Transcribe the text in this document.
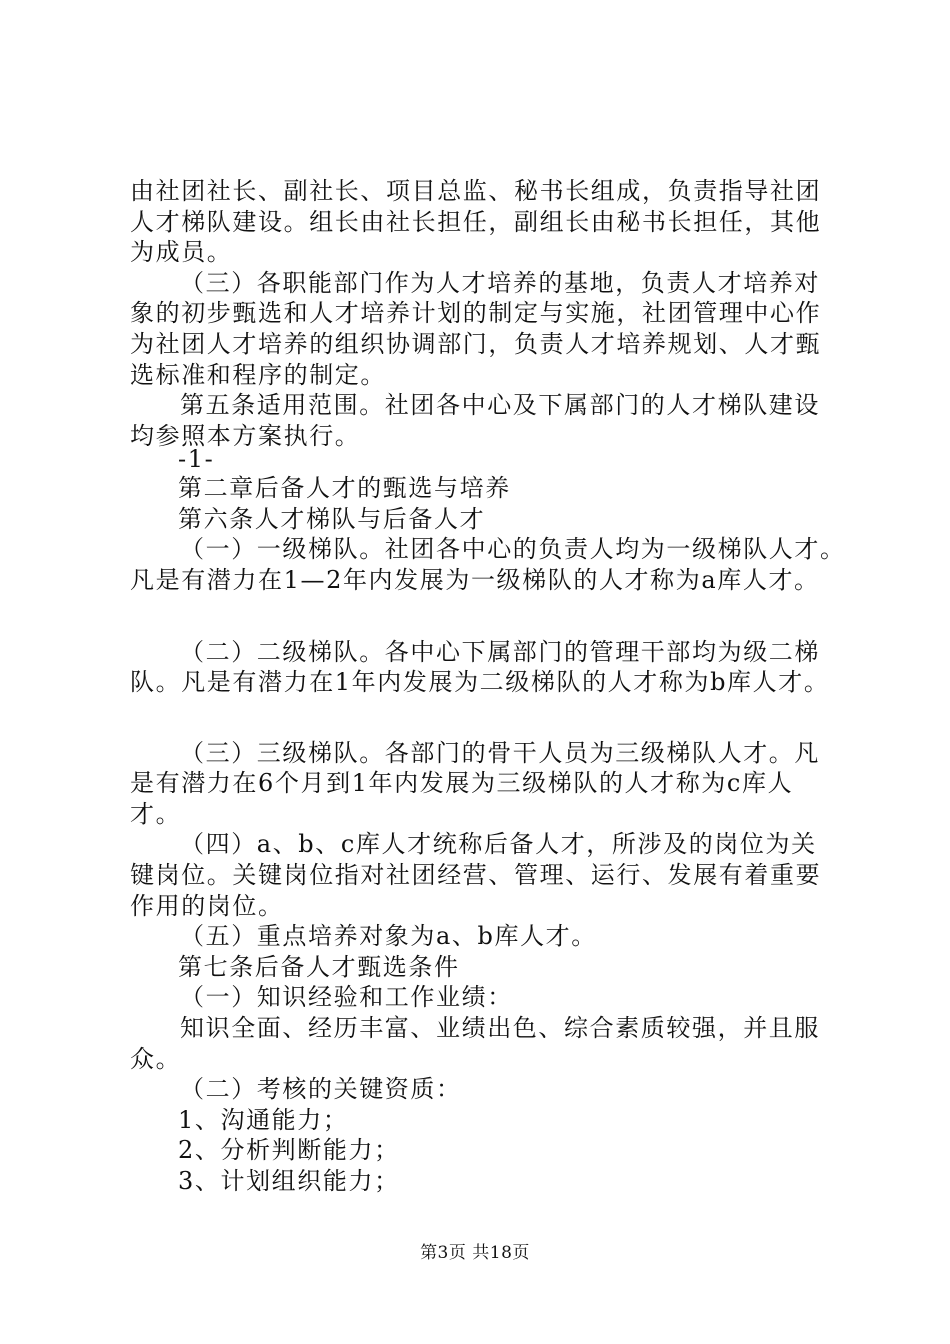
由社团社长、副社长、项目总监、秘书长组成，负责指导社团
人才梯队建设。组长由社长担任，副组长由秘书长担任，其他
为成员。
（三）各职能部门作为人才培养的基地，负责人才培养对
象的初步甄选和人才培养计划的制定与实施，社团管理中心作
为社团人才培养的组织协调部门，负责人才培养规划、人才甄
选标准和程序的制定。
第五条适用范围。社团各中心及下属部门的人才梯队建设
均参照本方案执行。
-1-
第二章后备人才的甄选与培养
第六条人才梯队与后备人才
（一）一级梯队。社团各中心的负责人均为一级梯队人才。
凡是有潜力在1—2年内发展为一级梯队的人才称为a库人才。
（二）二级梯队。各中心下属部门的管理干部均为级二梯
队。凡是有潜力在1年内发展为二级梯队的人才称为b库人才。
（三）三级梯队。各部门的骨干人员为三级梯队人才。凡
是有潜力在6个月到1年内发展为三级梯队的人才称为c库人
才。
（四）a、b、c库人才统称后备人才，所涉及的岗位为关
键岗位。关键岗位指对社团经营、管理、运行、发展有着重要
作用的岗位。
（五）重点培养对象为a、b库人才。
第七条后备人才甄选条件
（一）知识经验和工作业绩：
知识全面、经历丰富、业绩出色、综合素质较强，并且服
众。
（二）考核的关键资质：
1、沟通能力；
2、分析判断能力；
3、计划组织能力；
第3页 共18页
